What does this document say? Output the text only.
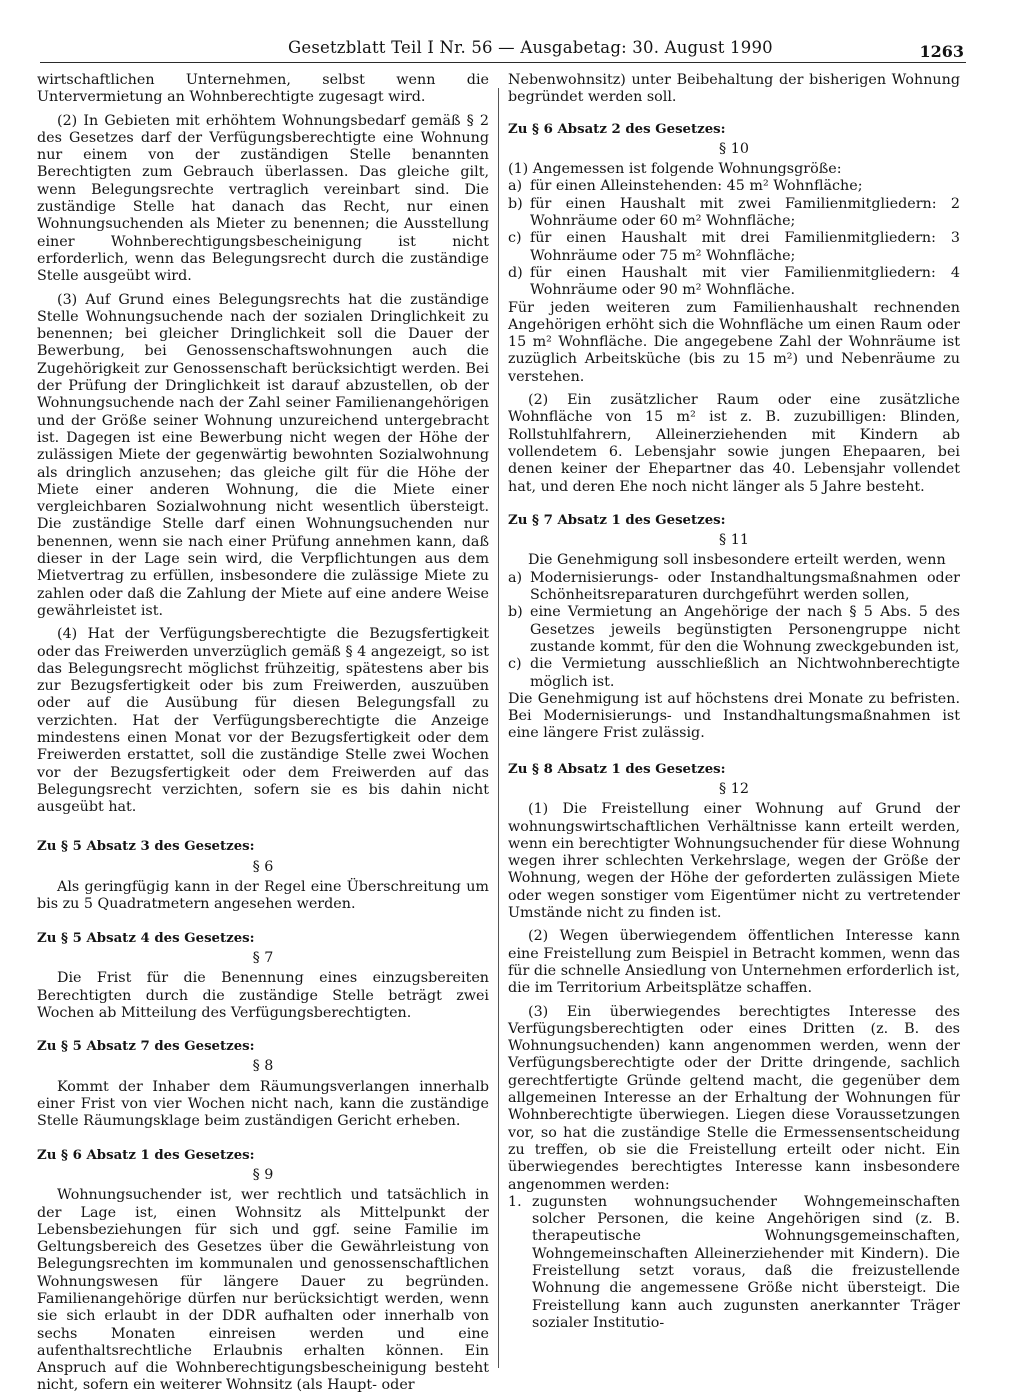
Gesetzblatt Teil I Nr. 56 — Ausgabetag: 30. August 1990	1263

wirtschaftlichen Unternehmen, selbst wenn die Untervermietung an Wohnberechtigte zugesagt wird.

(2) In Gebieten mit erhöhtem Wohnungsbedarf gemäß § 2 des Gesetzes darf der Verfügungsberechtigte eine Wohnung nur einem von der zuständigen Stelle benannten Berechtigten zum Gebrauch überlassen. Das gleiche gilt, wenn Belegungsrechte vertraglich vereinbart sind. Die zuständige Stelle hat danach das Recht, nur einen Wohnungsuchenden als Mieter zu benennen; die Ausstellung einer Wohnberechtigungsbescheinigung ist nicht erforderlich, wenn das Belegungsrecht durch die zuständige Stelle ausgeübt wird.

(3) Auf Grund eines Belegungsrechts hat die zuständige Stelle Wohnungsuchende nach der sozialen Dringlichkeit zu benennen; bei gleicher Dringlichkeit soll die Dauer der Bewerbung, bei Genossenschaftswohnungen auch die Zugehörigkeit zur Genossenschaft berücksichtigt werden. Bei der Prüfung der Dringlichkeit ist darauf abzustellen, ob der Wohnungsuchende nach der Zahl seiner Familienangehörigen und der Größe seiner Wohnung unzureichend untergebracht ist. Dagegen ist eine Bewerbung nicht wegen der Höhe der zulässigen Miete der gegenwärtig bewohnten Sozialwohnung als dringlich anzusehen; das gleiche gilt für die Höhe der Miete einer anderen Wohnung, die die Miete einer vergleichbaren Sozialwohnung nicht wesentlich übersteigt. Die zuständige Stelle darf einen Wohnungsuchenden nur benennen, wenn sie nach einer Prüfung annehmen kann, daß dieser in der Lage sein wird, die Verpflichtungen aus dem Mietvertrag zu erfüllen, insbesondere die zulässige Miete zu zahlen oder daß die Zahlung der Miete auf eine andere Weise gewährleistet ist.

(4) Hat der Verfügungsberechtigte die Bezugsfertigkeit oder das Freiwerden unverzüglich gemäß § 4 angezeigt, so ist das Belegungsrecht möglichst frühzeitig, spätestens aber bis zur Bezugsfertigkeit oder bis zum Freiwerden, auszuüben oder auf die Ausübung für diesen Belegungsfall zu verzichten. Hat der Verfügungsberechtigte die Anzeige mindestens einen Monat vor der Bezugsfertigkeit oder dem Freiwerden erstattet, soll die zuständige Stelle zwei Wochen vor der Bezugsfertigkeit oder dem Freiwerden auf das Belegungsrecht verzichten, sofern sie es bis dahin nicht ausgeübt hat.

Zu § 5 Absatz 3 des Gesetzes:
§ 6

Als geringfügig kann in der Regel eine Überschreitung um bis zu 5 Quadratmetern angesehen werden.

Zu § 5 Absatz 4 des Gesetzes:
§ 7

Die Frist für die Benennung eines einzugsbereiten Berechtigten durch die zuständige Stelle beträgt zwei Wochen ab Mitteilung des Verfügungsberechtigten.

Zu § 5 Absatz 7 des Gesetzes:
§ 8

Kommt der Inhaber dem Räumungsverlangen innerhalb einer Frist von vier Wochen nicht nach, kann die zuständige Stelle Räumungsklage beim zuständigen Gericht erheben.

Zu § 6 Absatz 1 des Gesetzes:
§ 9

Wohnungsuchender ist, wer rechtlich und tatsächlich in der Lage ist, einen Wohnsitz als Mittelpunkt der Lebensbeziehungen für sich und ggf. seine Familie im Geltungsbereich des Gesetzes über die Gewährleistung von Belegungsrechten im kommunalen und genossenschaftlichen Wohnungswesen für längere Dauer zu begründen. Familienangehörige dürfen nur berücksichtigt werden, wenn sie sich erlaubt in der DDR aufhalten oder innerhalb von sechs Monaten einreisen werden und eine aufenthaltsrechtliche Erlaubnis erhalten können. Ein Anspruch auf die Wohnberechtigungsbescheinigung besteht nicht, sofern ein weiterer Wohnsitz (als Haupt- oder

Nebenwohnsitz) unter Beibehaltung der bisherigen Wohnung begründet werden soll.

Zu § 6 Absatz 2 des Gesetzes:
§ 10

(1) Angemessen ist folgende Wohnungsgröße:

a) für einen Alleinstehenden: 45 m² Wohnfläche;
b) für einen Haushalt mit zwei Familienmitgliedern: 2 Wohnräume oder 60 m² Wohnfläche;
c) für einen Haushalt mit drei Familienmitgliedern: 3 Wohnräume oder 75 m² Wohnfläche;
d) für einen Haushalt mit vier Familienmitgliedern: 4 Wohnräume oder 90 m² Wohnfläche.

Für jeden weiteren zum Familienhaushalt rechnenden Angehörigen erhöht sich die Wohnfläche um einen Raum oder 15 m² Wohnfläche. Die angegebene Zahl der Wohnräume ist zuzüglich Arbeitsküche (bis zu 15 m²) und Nebenräume zu verstehen.

(2) Ein zusätzlicher Raum oder eine zusätzliche Wohnfläche von 15 m² ist z. B. zuzubilligen: Blinden, Rollstuhlfahrern, Alleinerziehenden mit Kindern ab vollendetem 6. Lebensjahr sowie jungen Ehepaaren, bei denen keiner der Ehepartner das 40. Lebensjahr vollendet hat, und deren Ehe noch nicht länger als 5 Jahre besteht.

Zu § 7 Absatz 1 des Gesetzes:
§ 11

Die Genehmigung soll insbesondere erteilt werden, wenn

a) Modernisierungs- oder Instandhaltungsmaßnahmen oder Schönheitsreparaturen durchgeführt werden sollen,
b) eine Vermietung an Angehörige der nach § 5 Abs. 5 des Gesetzes jeweils begünstigten Personengruppe nicht zustande kommt, für den die Wohnung zweckgebunden ist,
c) die Vermietung ausschließlich an Nichtwohnberechtigte möglich ist.

Die Genehmigung ist auf höchstens drei Monate zu befristen. Bei Modernisierungs- und Instandhaltungsmaßnahmen ist eine längere Frist zulässig.

Zu § 8 Absatz 1 des Gesetzes:
§ 12

(1) Die Freistellung einer Wohnung auf Grund der wohnungswirtschaftlichen Verhältnisse kann erteilt werden, wenn ein berechtigter Wohnungsuchender für diese Wohnung wegen ihrer schlechten Verkehrslage, wegen der Größe der Wohnung, wegen der Höhe der geforderten zulässigen Miete oder wegen sonstiger vom Eigentümer nicht zu vertretender Umstände nicht zu finden ist.

(2) Wegen überwiegendem öffentlichen Interesse kann eine Freistellung zum Beispiel in Betracht kommen, wenn das für die schnelle Ansiedlung von Unternehmen erforderlich ist, die im Territorium Arbeitsplätze schaffen.

(3) Ein überwiegendes berechtigtes Interesse des Verfügungsberechtigten oder eines Dritten (z. B. des Wohnungsuchenden) kann angenommen werden, wenn der Verfügungsberechtigte oder der Dritte dringende, sachlich gerechtfertigte Gründe geltend macht, die gegenüber dem allgemeinen Interesse an der Erhaltung der Wohnungen für Wohnberechtigte überwiegen. Liegen diese Voraussetzungen vor, so hat die zuständige Stelle die Ermessensentscheidung zu treffen, ob sie die Freistellung erteilt oder nicht. Ein überwiegendes berechtigtes Interesse kann insbesondere angenommen werden:

1. zugunsten wohnungsuchender Wohngemeinschaften solcher Personen, die keine Angehörigen sind (z. B. therapeutische Wohnungsgemeinschaften, Wohngemeinschaften Alleinerziehender mit Kindern). Die Freistellung setzt voraus, daß die freizustellende Wohnung die angemessene Größe nicht übersteigt. Die Freistellung kann auch zugunsten anerkannter Träger sozialer Institutio-
